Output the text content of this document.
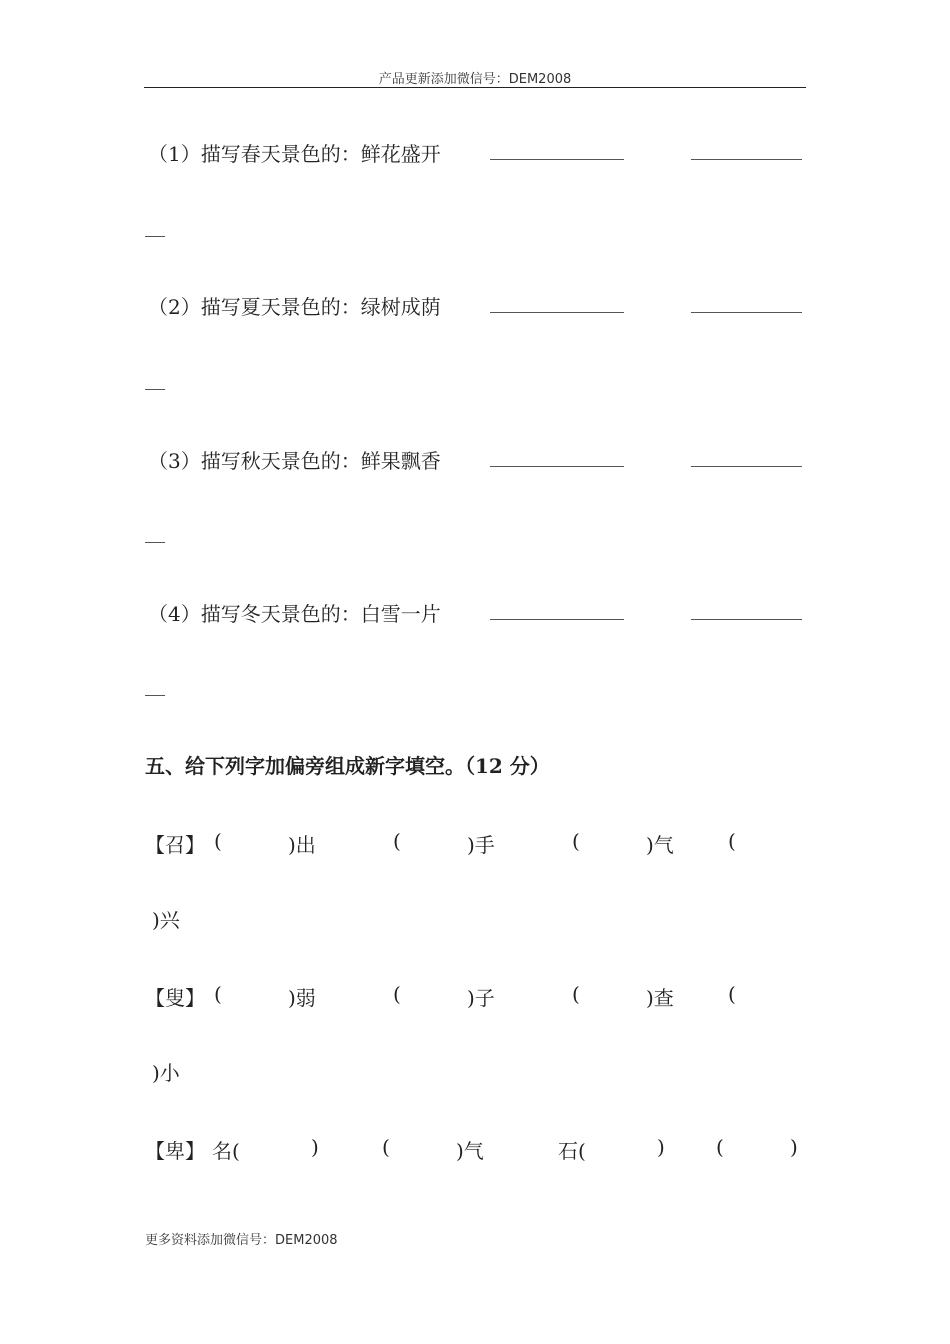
产品更新添加微信号：DEM2008
（1）描写春天景色的：鲜花盛开
（2）描写夏天景色的：绿树成荫
（3）描写秋天景色的：鲜果飘香
（4）描写冬天景色的：白雪一片
五、给下列字加偏旁组成新字填空。（12 分）
【召】 (	)出	(	)手	(	)气	(
)兴
【叟】 (	)弱	(	)子	(	)查	(
)小
【卑】 名(	)	(	)气	石(	)	(	)
更多资料添加微信号：DEM2008
